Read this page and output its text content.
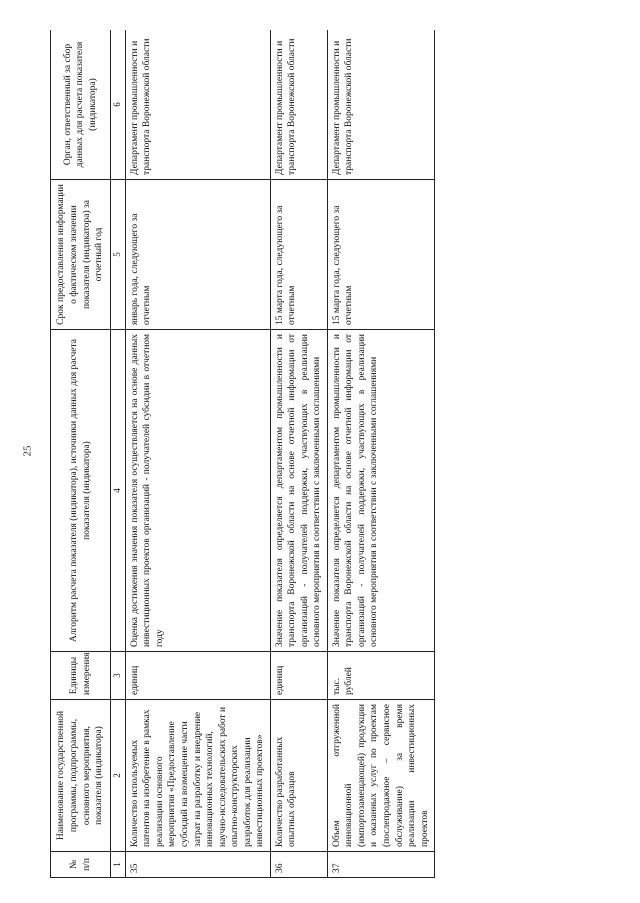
25
№ п/п	Наименование государственной программы, подпрограммы, основного мероприятия, показателя (индикатора)	Единицы измерения	Алгоритм расчета показателя (индикатора), источники данных для расчета показателя (индикатора)	Срок предоставления информации о фактическом значении показателя (индикатора) за отчетный год	Орган, ответственный за сбор данных для расчета показателя (индикатора)
1	2	3	4	5	6
35	Количество используемых патентов на изобретение в рамках реализации основного мероприятия «Предоставление субсидий на возмещение части затрат на разработку и внедрение инновационных технологий, научно-исследовательских работ и опытно-конструкторских разработок для реализации инвестиционных проектов»	единиц	Оценка достижения значения показателя осуществляется на основе данных инвестиционных проектов организаций - получателей субсидии в отчетном году	январь года, следующего за отчетным	Департамент промышленности и транспорта Воронежской области
36	Количество разработанных опытных образцов	единиц	Значение показателя определяется департаментом промышленности и транспорта Воронежской области на основе отчетной информации от организаций - получателей поддержки, участвующих в реализации основного мероприятия в соответствии с заключенными соглашениями	15 марта года, следующего за отчетным	Департамент промышленности и транспорта Воронежской области
37	Объем отгруженной инновационной (импортозамещающей) продукции и оказанных услуг по проектам (послепродажное – сервисное обслуживание) за время реализации инвестиционных проектов	тыс. рублей	Значение показателя определяется департаментом промышленности и транспорта Воронежской области на основе отчетной информации от организаций - получателей поддержки, участвующих в реализации основного мероприятия в соответствии с заключенными соглашениями	15 марта года, следующего за отчетным	Департамент промышленности и транспорта Воронежской области
